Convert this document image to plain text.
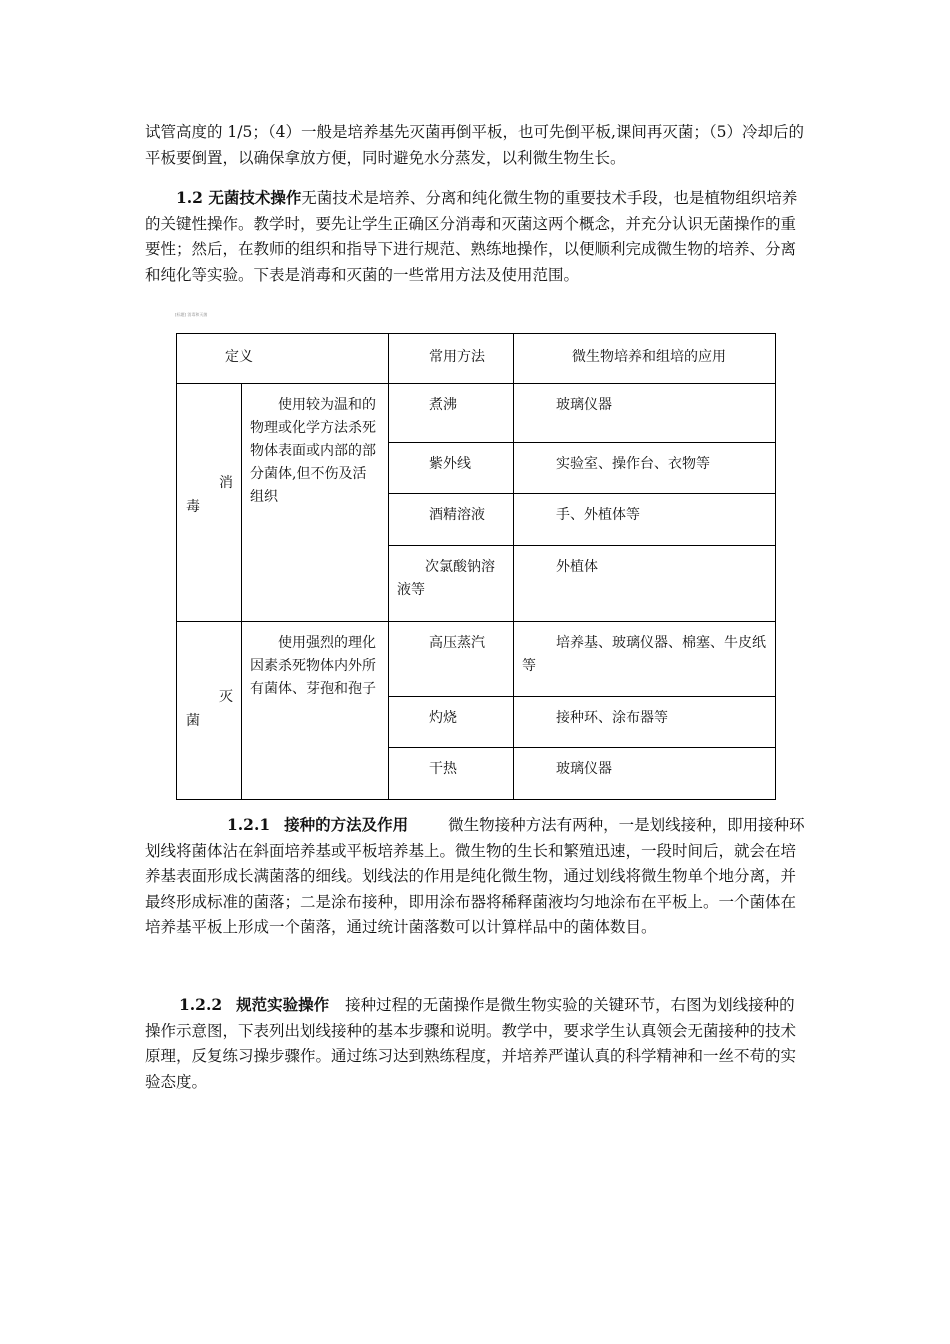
试管高度的 1/5；（4）一般是培养基先灭菌再倒平板，也可先倒平板,课间再灭菌；（5）冷却后的平板要倒置，以确保拿放方便，同时避免水分蒸发，以利微生物生长。

1.2 无菌技术操作无菌技术是培养、分离和纯化微生物的重要技术手段，也是植物组织培养的关键性操作。教学时，要先让学生正确区分消毒和灭菌这两个概念，并充分认识无菌操作的重要性；然后，在教师的组织和指导下进行规范、熟练地操作，以便顺利完成微生物的培养、分离和纯化等实验。下表是消毒和灭菌的一些常用方法及使用范围。

[标题] 消毒和灭菌
定义		常用方法	微生物培养和组培的应用

消
毒	使用较为温和的物理或化学方法杀死物体表面或内部的部分菌体,但不伤及活组织	煮沸	玻璃仪器

		紫外线	实验室、操作台、衣物等

		酒精溶液	手、外植体等

		次氯酸钠溶液等	外植体

灭
菌	使用强烈的理化因素杀死物体内外所有菌体、芽孢和孢子	高压蒸汽	培养基、玻璃仪器、棉塞、牛皮纸等

		灼烧	接种环、涂布器等

		干热	玻璃仪器

1.2.1 接种的方法及作用	微生物接种方法有两种，一是划线接种，即用接种环划线将菌体沾在斜面培养基或平板培养基上。微生物的生长和繁殖迅速，一段时间后，就会在培养基表面形成长满菌落的细线。划线法的作用是纯化微生物，通过划线将微生物单个地分离，并最终形成标准的菌落；二是涂布接种，即用涂布器将稀释菌液均匀地涂布在平板上。一个菌体在培养基平板上形成一个菌落，通过统计菌落数可以计算样品中的菌体数目。

1.2.2 规范实验操作 接种过程的无菌操作是微生物实验的关键环节，右图为划线接种的操作示意图，下表列出划线接种的基本步骤和说明。教学中，要求学生认真领会无菌接种的技术原理，反复练习操步骤作。通过练习达到熟练程度，并培养严谨认真的科学精神和一丝不苟的实验态度。
